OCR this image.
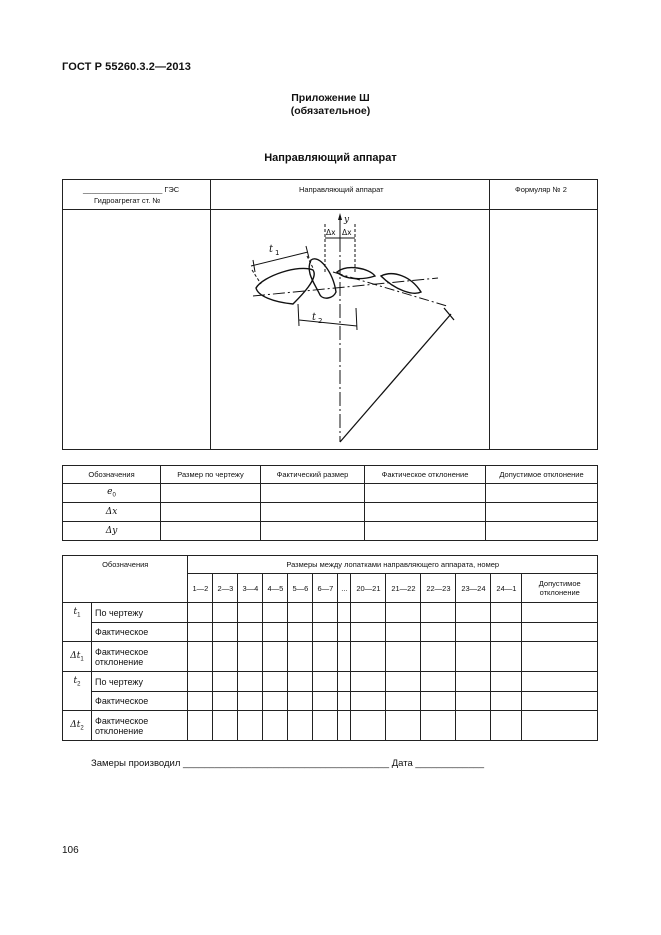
ГОСТ Р 55260.3.2—2013
Приложение Ш
(обязательное)
Направляющий аппарат
___________________ ГЭС
Гидроагрегат ст. №
Направляющий аппарат	Формуляр № 2
y
Δx Δx
t 1
t 2
Обозначения	Размер по чертежу	Фактический размер	Фактическое отклонение	Допустимое отклонение
$e_0$				
Δx				
Δy				
Обозначения		Размеры между лопатками направляющего аппарата, номер												
		1—2	2—3	3—4	4—5	5—6	6—7	...	20—21	21—22	22—23	23—24	24—1	Допустимое отклонение
$t_1$	По чертежу													
	Фактическое													
$\Delta t_1$	Фактическое отклонение													
$t_2$	По чертежу													
	Фактическое													
$\Delta t_2$	Фактическое отклонение													
Замеры производил _______________________________________ Дата _____________
106
